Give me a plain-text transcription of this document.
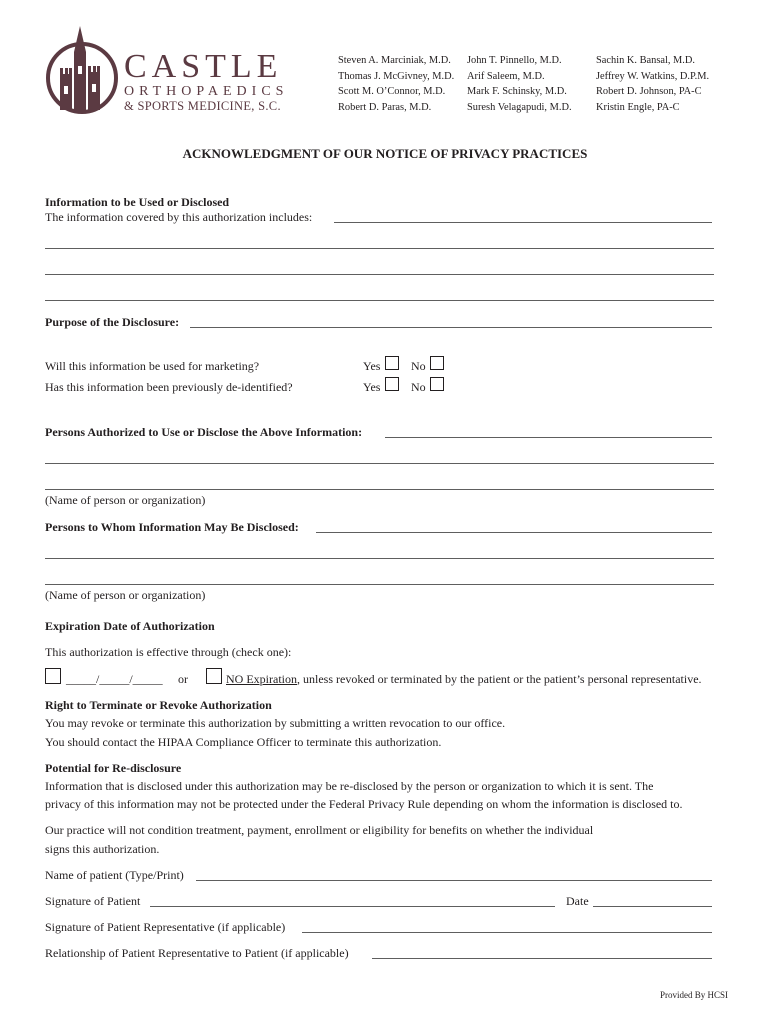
CASTLE
ORTHOPAEDICS
& SPORTS MEDICINE, S.C.
Steven A. Marciniak, M.D.
Thomas J. McGivney, M.D.
Scott M. O’Connor, M.D.
Robert D. Paras, M.D.
John T. Pinnello, M.D.
Arif Saleem, M.D.
Mark F. Schinsky, M.D.
Suresh Velagapudi, M.D.
Sachin K. Bansal, M.D.
Jeffrey W. Watkins, D.P.M.
Robert D. Johnson, PA-C
Kristin Engle, PA-C
ACKNOWLEDGMENT OF OUR NOTICE OF PRIVACY PRACTICES
Information to be Used or Disclosed
The information covered by this authorization includes:
Purpose of the Disclosure:
Will this information be used for marketing?	Yes	No
Has this information been previously de-identified?	Yes	No
Persons Authorized to Use or Disclose the Above Information:
(Name of person or organization)
Persons to Whom Information May Be Disclosed:
(Name of person or organization)
Expiration Date of Authorization
This authorization is effective through (check one):
_____/_____/_____ or	NO Expiration, unless revoked or terminated by the patient or the patient’s personal representative.
Right to Terminate or Revoke Authorization
You may revoke or terminate this authorization by submitting a written revocation to our office.
You should contact the HIPAA Compliance Officer to terminate this authorization.
Potential for Re-disclosure
Information that is disclosed under this authorization may be re-disclosed by the person or organization to which it is sent. The
privacy of this information may not be protected under the Federal Privacy Rule depending on whom the information is disclosed to.
Our practice will not condition treatment, payment, enrollment or eligibility for benefits on whether the individual
signs this authorization.
Name of patient (Type/Print)
Signature of Patient	Date
Signature of Patient Representative (if applicable)
Relationship of Patient Representative to Patient (if applicable)
Provided By HCSI
